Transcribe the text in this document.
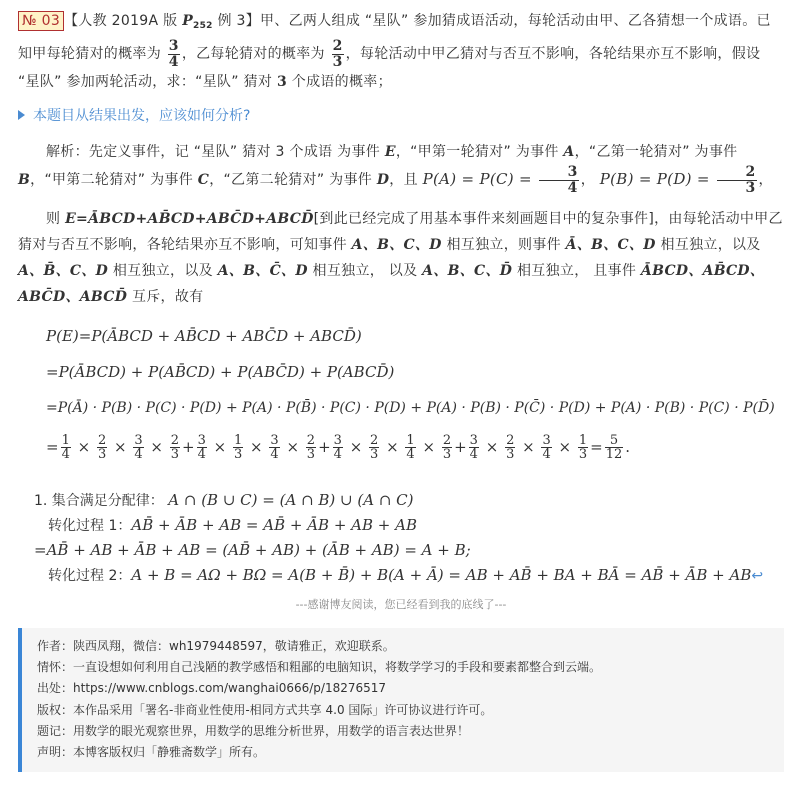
№ 03 【人教 2019A 版 $P_{252}$ 例 3】甲、乙两人组成 “星队” 参加猜成语活动，每轮活动由甲、乙各猜想一个成语。已知甲每轮猜对的概率为 $\frac{3}{4}$ ，乙每轮猜对的概率为 $\frac{2}{3}$ ，每轮活动中甲乙猜对与否互不影响，各轮结果亦互不影响，假设 “星队” 参加两轮活动，求：“星队” 猜对 3 个成语的概率；
本题目从结果出发，应该如何分析?
解析：先定义事件，记 “星队” 猜对 3 个成语 为事件 E，“甲第一轮猜对” 为事件 A，“乙第一轮猜对” 为事件 B，“甲第二轮猜对” 为事件 C，“乙第二轮猜对” 为事件 D，且 $P(A) = P(C) = \frac{3}{4}$ ， $P(B) = P(D) = \frac{2}{3}$ ，
则 E=ĀBCD+AB̄CD+ABC̄D+ABCD̄[到此已经完成了用基本事件来刻画题目中的复杂事件]，由每轮活动中甲乙猜对与否互不影响，各轮结果亦互不影响，可知事件 A、B、C、D 相互独立，则事件 Ā、B、C、D 相互独立，以及 A、B̄、C、D 相互独立，以及 A、B、C̄、D 相互独立， 以及 A、B、C、D̄ 相互独立， 且事件 ĀBCD、AB̄CD、ABC̄D、ABCD̄ 互斥，故有
P(E)=P(ĀBCD + AB̄CD + ABC̄D + ABCD̄)
=P(ĀBCD) + P(AB̄CD) + P(ABC̄D) + P(ABCD̄)
=P(Ā) · P(B) · P(C) · P(D) + P(A) · P(B̄) · P(C) · P(D) + P(A) · P(B) · P(C̄) · P(D) + P(A) · P(B) · P(C) · P(D̄)
= $\frac{1}{4} \times \frac{2}{3} \times \frac{3}{4} \times \frac{2}{3} + \frac{3}{4} \times \frac{1}{3} \times \frac{3}{4} \times \frac{2}{3} + \frac{3}{4} \times \frac{2}{3} \times \frac{1}{4} \times \frac{2}{3} + \frac{3}{4} \times \frac{2}{3} \times \frac{3}{4} \times \frac{1}{3} = \frac{5}{12}$ .
1. 集合满足分配律： A ∩ (B ∪ C) = (A ∩ B) ∪ (A ∩ C)
转化过程 1：AB̄ + ĀB + AB = AB̄ + ĀB + AB + AB
=AB̄ + AB + ĀB + AB = (AB̄ + AB) + (ĀB + AB) = A + B;
转化过程 2：A + B = AΩ + BΩ = A(B + B̄) + B(A + Ā) = AB + AB̄ + BA + BĀ = AB̄ + ĀB + AB↩
---感谢博友阅读，您已经看到我的底线了---
作者：陕西凤翔，微信：wh1979448597，敬请雅正，欢迎联系。
情怀：一直设想如何利用自己浅陋的教学感悟和粗鄙的电脑知识，将数学学习的手段和要素都整合到云端。
出处：https://www.cnblogs.com/wanghai0666/p/18276517
版权：本作品采用「署名-非商业性使用-相同方式共享 4.0 国际」许可协议进行许可。
题记：用数学的眼光观察世界，用数学的思维分析世界，用数学的语言表达世界！
声明：本博客版权归「静雅斋数学」所有。
